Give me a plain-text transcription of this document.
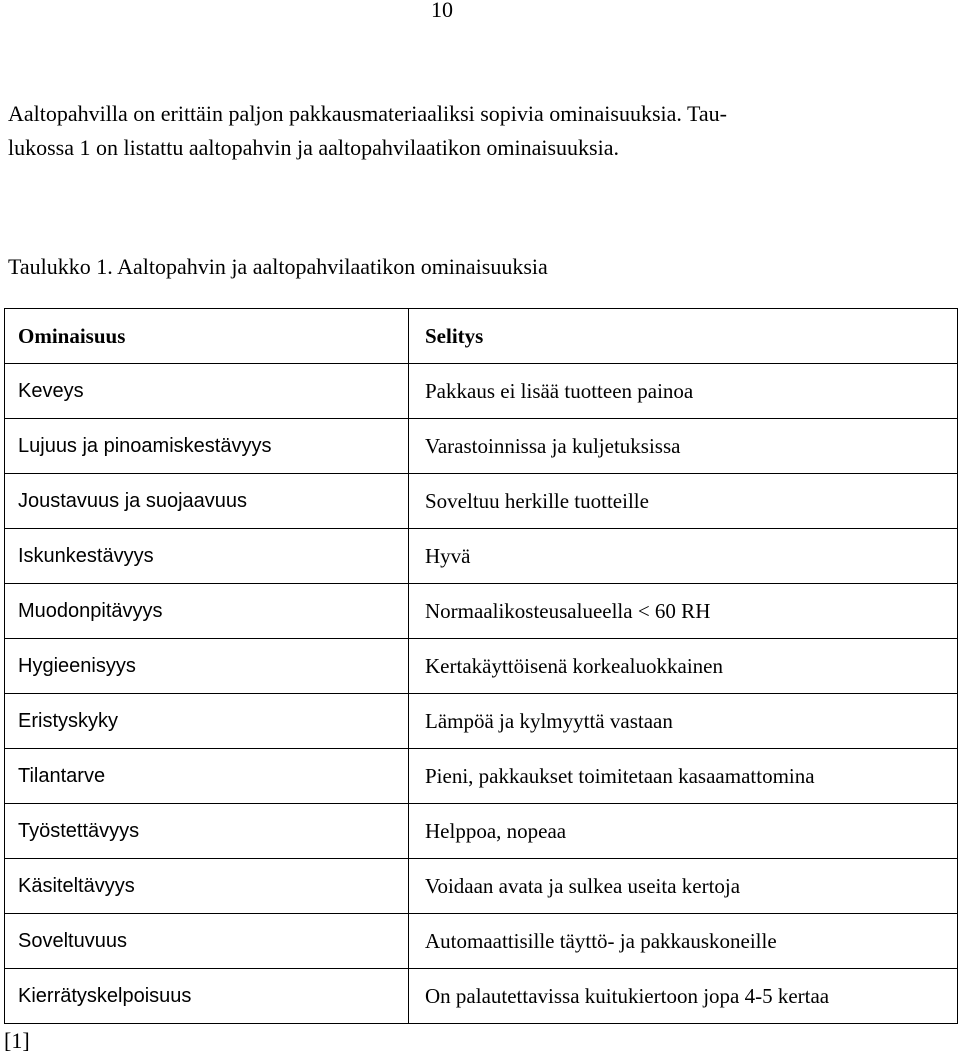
10

Aaltopahvilla on erittäin paljon pakkausmateriaaliksi sopivia ominaisuuksia. Tau-
lukossa 1 on listattu aaltopahvin ja aaltopahvilaatikon ominaisuuksia.

Taulukko 1. Aaltopahvin ja aaltopahvilaatikon ominaisuuksia

Ominaisuus	Selitys
Keveys	Pakkaus ei lisää tuotteen painoa
Lujuus ja pinoamiskestävyys	Varastoinnissa ja kuljetuksissa
Joustavuus ja suojaavuus	Soveltuu herkille tuotteille
Iskunkestävyys	Hyvä
Muodonpitävyys	Normaalikosteusalueella < 60 RH
Hygieenisyys	Kertakäyttöisenä korkealuokkainen
Eristyskyky	Lämpöä ja kylmyyttä vastaan
Tilantarve	Pieni, pakkaukset toimitetaan kasaamattomina
Työstettävyys	Helppoa, nopeaa
Käsiteltävyys	Voidaan avata ja sulkea useita kertoja
Soveltuvuus	Automaattisille täyttö- ja pakkauskoneille
Kierrätyskelpoisuus	On palautettavissa kuitukiertoon jopa 4-5 kertaa
[1]
